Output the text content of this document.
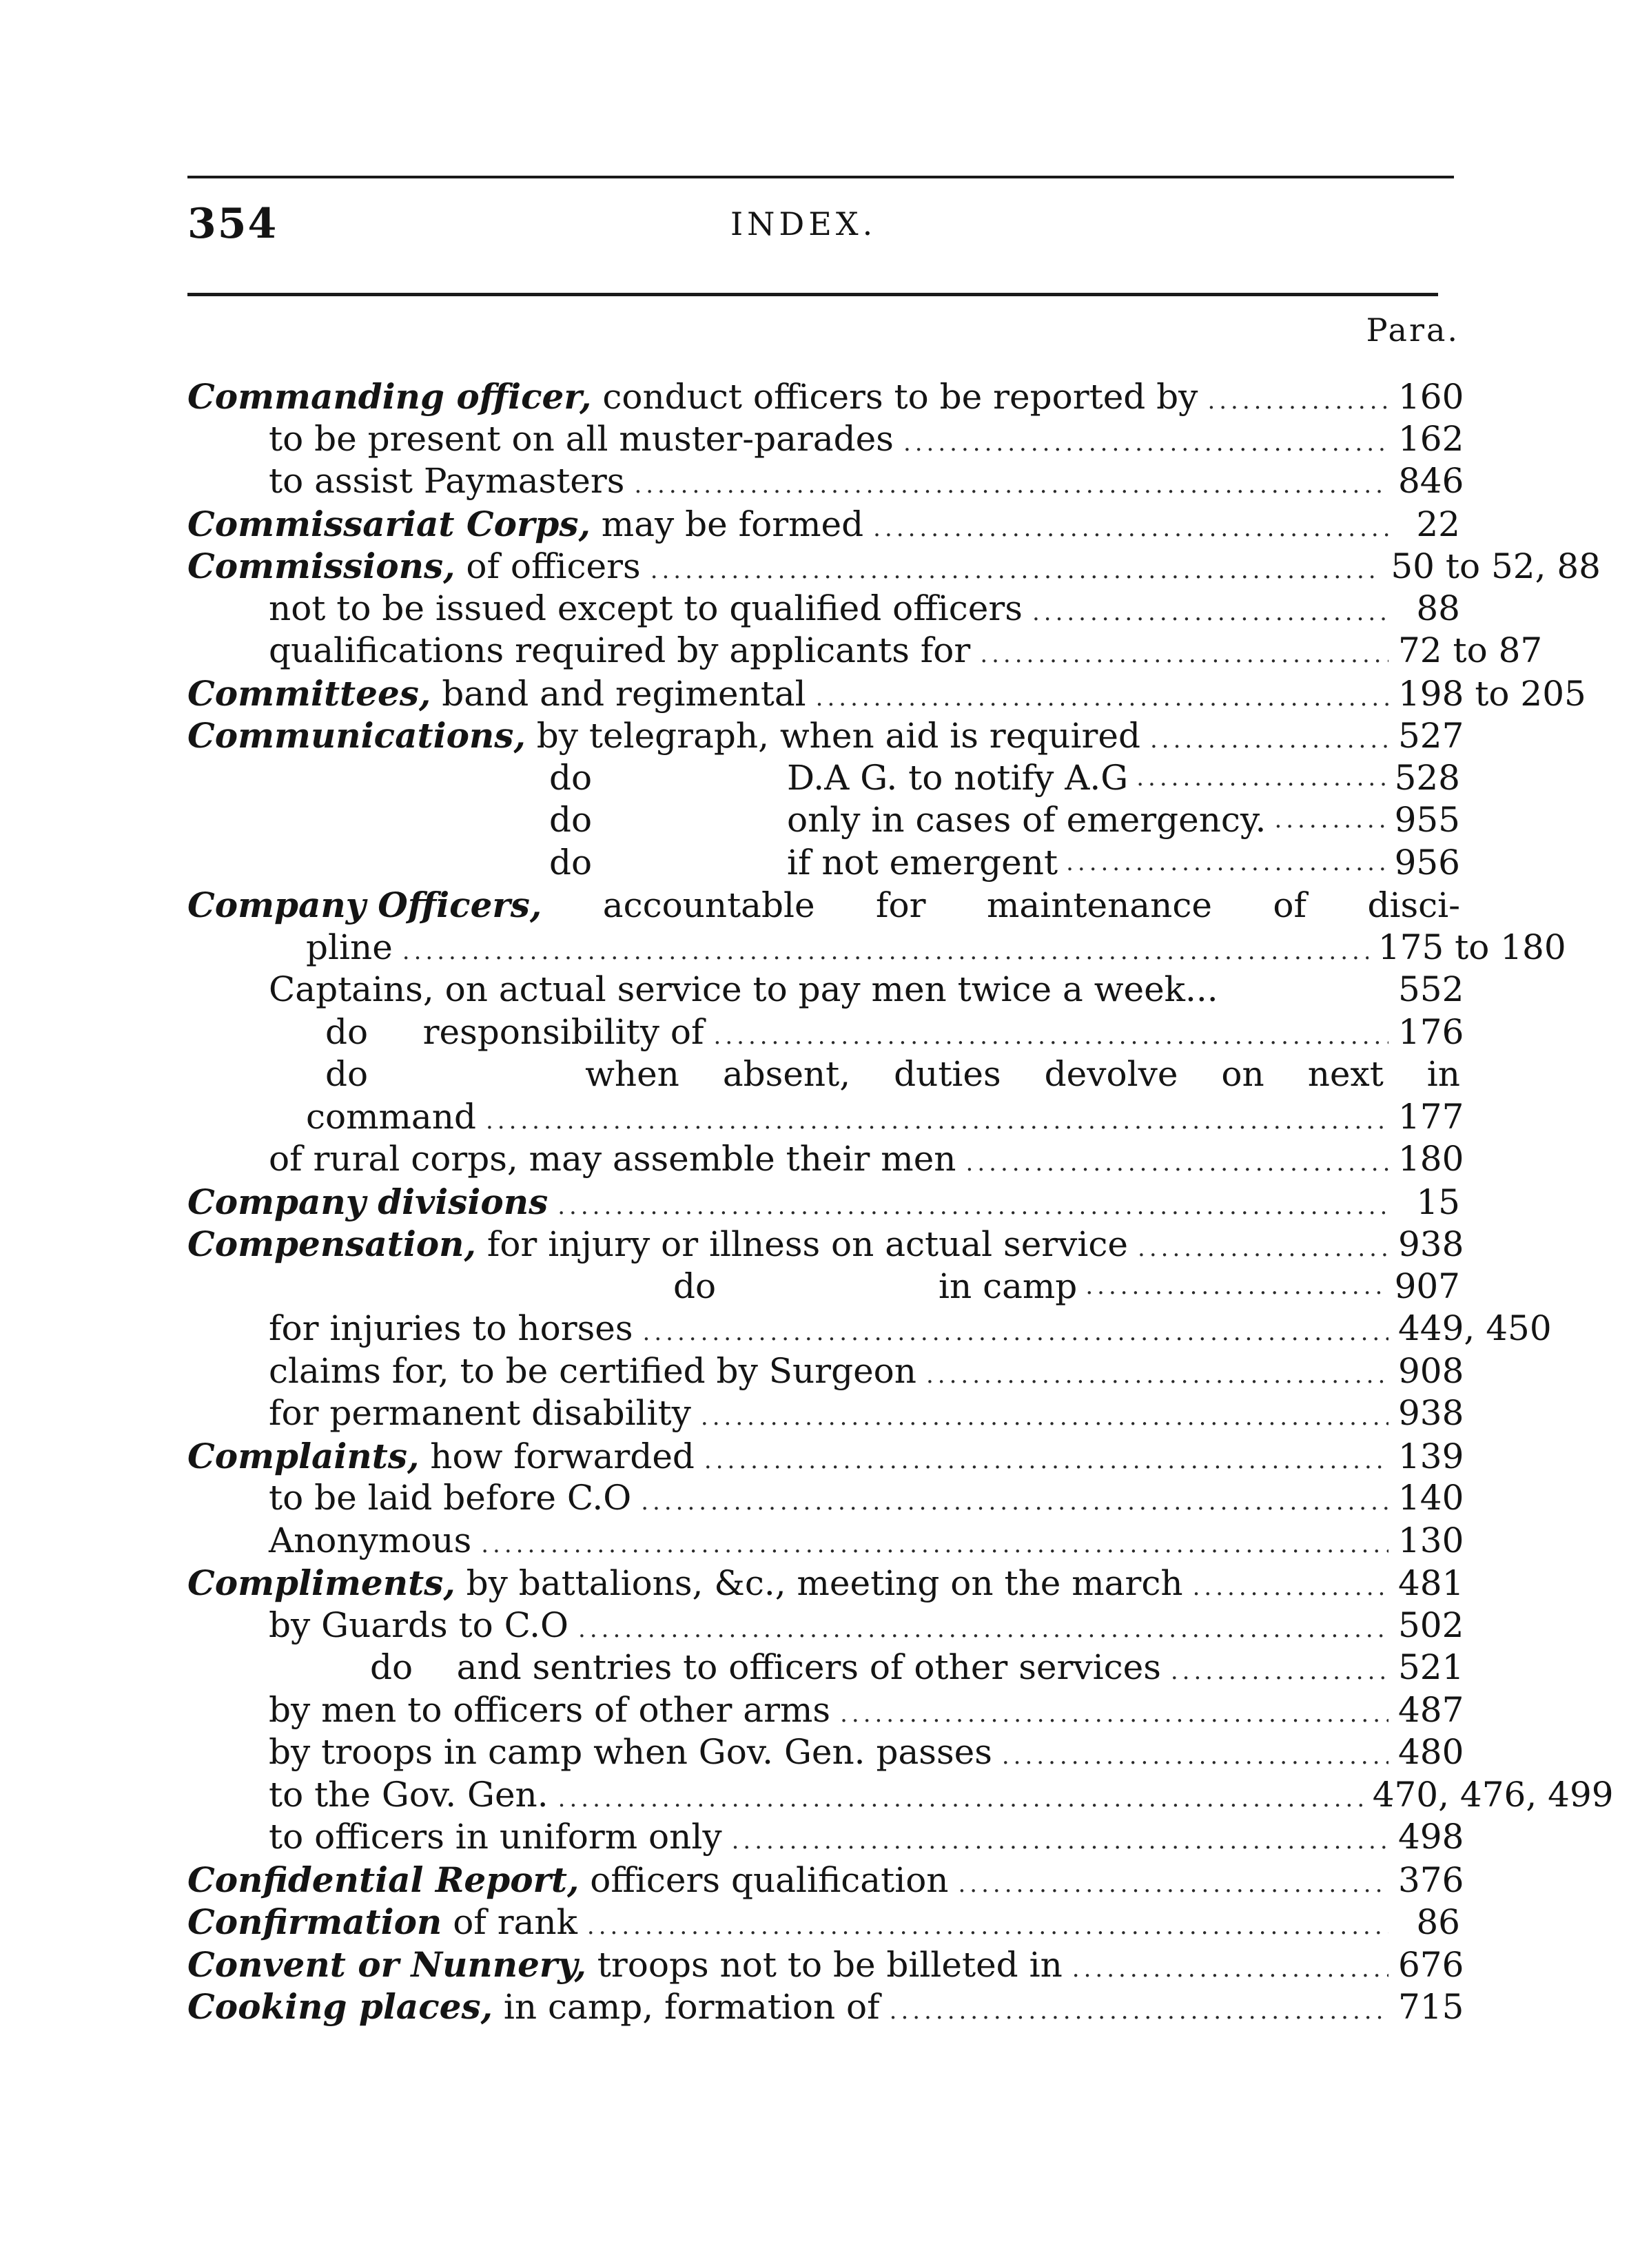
354	INDEX.
Para.
Commanding officer, conduct officers to be reported by .....	160
to be present on all muster-parades .....	162
to assist Paymasters .....	846
Commissariat Corps, may be formed .....	22
Commissions, of officers .....	50 to 52, 88
not to be issued except to qualified officers .....	88
qualifications required by applicants for .....	72 to 87
Committees, band and regimental .....	198 to 205
Communications, by telegraph, when aid is required .....	527
do	D.A G. to notify A.G .....	528
do	only in cases of emergency. .....	955
do	if not emergent .....	956
Company Officers, accountable for maintenance of disci-
pline .....	175 to 180
Captains, on actual service to pay men twice a week...	552
do     responsibility of .....	176
do     when absent, duties devolve on next in
command .....	177
of rural corps, may assemble their men .....	180
Company divisions .....	15
Compensation, for injury or illness on actual service .....	938
do	in camp .....	907
for injuries to horses .....	449, 450
claims for, to be certified by Surgeon .....	908
for permanent disability .....	938
Complaints, how forwarded .....	139
to be laid before C.O .....	140
Anonymous .....	130
Compliments, by battalions, &c., meeting on the march .....	481
by Guards to C.O .....	502
do    and sentries to officers of other services .....	521
by men to officers of other arms .....	487
by troops in camp when Gov. Gen. passes .....	480
to the Gov. Gen. .....	470, 476, 499
to officers in uniform only .....	498
Confidential Report, officers qualification .....	376
Confirmation of rank .....	86
Convent or Nunnery, troops not to be billeted in .....	676
Cooking places, in camp, formation of .....	715
